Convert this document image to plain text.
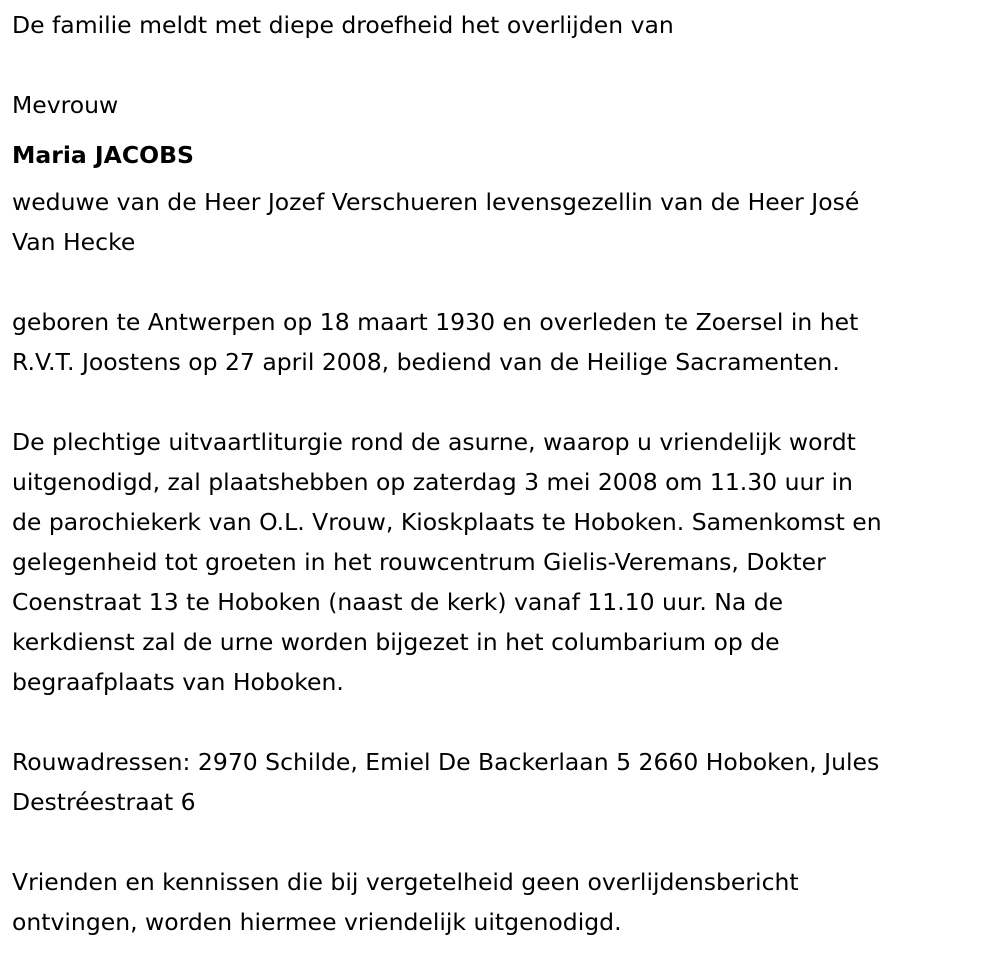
De familie meldt met diepe droefheid het overlijden van
Mevrouw
Maria JACOBS
weduwe van de Heer Jozef Verschueren levensgezellin van de Heer José
Van Hecke
geboren te Antwerpen op 18 maart 1930 en overleden te Zoersel in het
R.V.T. Joostens op 27 april 2008, bediend van de Heilige Sacramenten.
De plechtige uitvaartliturgie rond de asurne, waarop u vriendelijk wordt
uitgenodigd, zal plaatshebben op zaterdag 3 mei 2008 om 11.30 uur in
de parochiekerk van O.L. Vrouw, Kioskplaats te Hoboken. Samenkomst en
gelegenheid tot groeten in het rouwcentrum Gielis-Veremans, Dokter
Coenstraat 13 te Hoboken (naast de kerk) vanaf 11.10 uur. Na de
kerkdienst zal de urne worden bijgezet in het columbarium op de
begraafplaats van Hoboken.
Rouwadressen: 2970 Schilde, Emiel De Backerlaan 5 2660 Hoboken, Jules
Destréestraat 6
Vrienden en kennissen die bij vergetelheid geen overlijdensbericht
ontvingen, worden hiermee vriendelijk uitgenodigd.
